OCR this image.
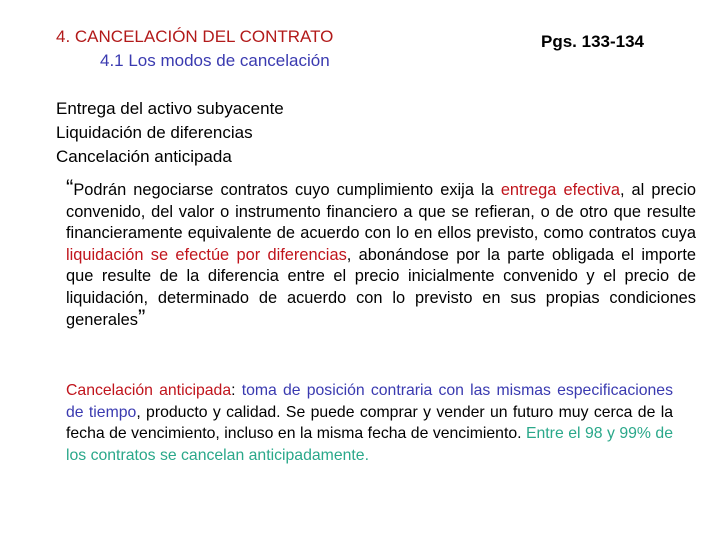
4. CANCELACIÓN DEL CONTRATO
4.1 Los modos de cancelación
Pgs. 133-134
Entrega del activo subyacente
Liquidación de diferencias
Cancelación anticipada
“Podrán negociarse contratos cuyo cumplimiento exija la entrega efectiva, al precio convenido, del valor o instrumento financiero a que se refieran, o de otro que resulte financieramente equivalente de acuerdo con lo en ellos previsto, como contratos cuya liquidación se efectúe por diferencias, abonándose por la parte obligada el importe que resulte de la diferencia entre el precio inicialmente convenido y el precio de liquidación, determinado de acuerdo con lo previsto en sus propias condiciones generales”
Cancelación anticipada: toma de posición contraria con las mismas especificaciones de tiempo, producto y calidad. Se puede comprar y vender un futuro muy cerca de la fecha de vencimiento, incluso en la misma fecha de vencimiento. Entre el 98 y 99% de los contratos se cancelan anticipadamente.
